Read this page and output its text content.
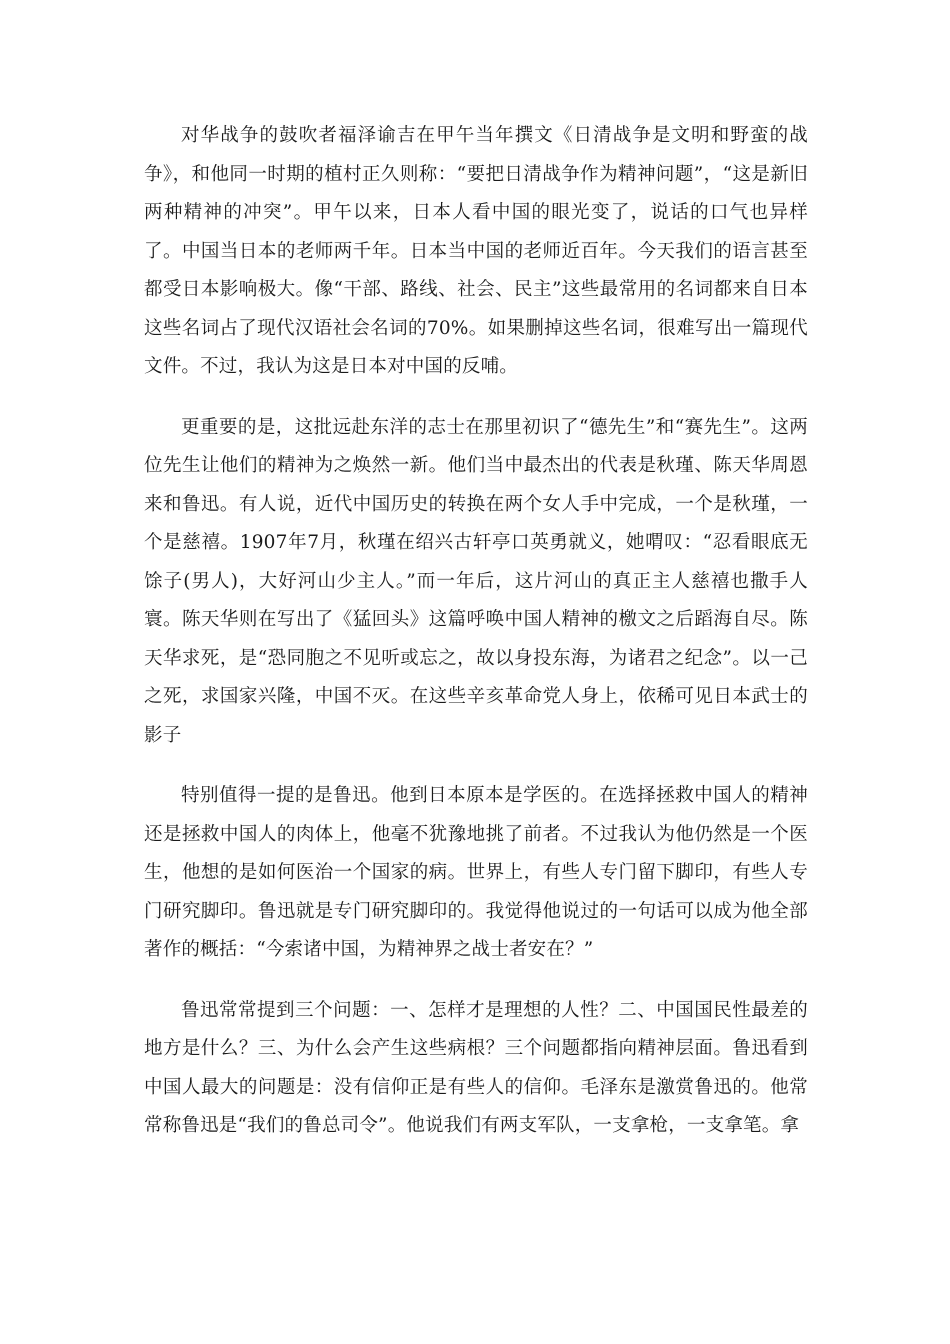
对华战争的鼓吹者福泽谕吉在甲午当年撰文《日清战争是文明和野蛮的战争》，和他同一时期的植村正久则称：“要把日清战争作为精神问题”，“这是新旧两种精神的冲突”。甲午以来，日本人看中国的眼光变了，说话的口气也异样了。中国当日本的老师两千年。日本当中国的老师近百年。今天我们的语言甚至都受日本影响极大。像“干部、路线、社会、民主”这些最常用的名词都来自日本这些名词占了现代汉语社会名词的70%。如果删掉这些名词，很难写出一篇现代文件。不过，我认为这是日本对中国的反哺。

更重要的是，这批远赴东洋的志士在那里初识了“德先生”和“赛先生”。这两位先生让他们的精神为之焕然一新。他们当中最杰出的代表是秋瑾、陈天华周恩来和鲁迅。有人说，近代中国历史的转换在两个女人手中完成，一个是秋瑾，一个是慈禧。1907年7月，秋瑾在绍兴古轩亭口英勇就义，她喟叹：“忍看眼底无馀子(男人)，大好河山少主人。”而一年后，这片河山的真正主人慈禧也撒手人寰。陈天华则在写出了《猛回头》这篇呼唤中国人精神的檄文之后蹈海自尽。陈天华求死，是“恐同胞之不见听或忘之，故以身投东海，为诸君之纪念”。以一己之死，求国家兴隆，中国不灭。在这些辛亥革命党人身上，依稀可见日本武士的影子

特别值得一提的是鲁迅。他到日本原本是学医的。在选择拯救中国人的精神还是拯救中国人的肉体上，他毫不犹豫地挑了前者。不过我认为他仍然是一个医生，他想的是如何医治一个国家的病。世界上，有些人专门留下脚印，有些人专门研究脚印。鲁迅就是专门研究脚印的。我觉得他说过的一句话可以成为他全部著作的概括：“今索诸中国，为精神界之战士者安在？”

鲁迅常常提到三个问题：一、怎样才是理想的人性？二、中国国民性最差的地方是什么？三、为什么会产生这些病根？三个问题都指向精神层面。鲁迅看到中国人最大的问题是：没有信仰正是有些人的信仰。毛泽东是激赏鲁迅的。他常常称鲁迅是“我们的鲁总司令”。他说我们有两支军队，一支拿枪，一支拿笔。拿
